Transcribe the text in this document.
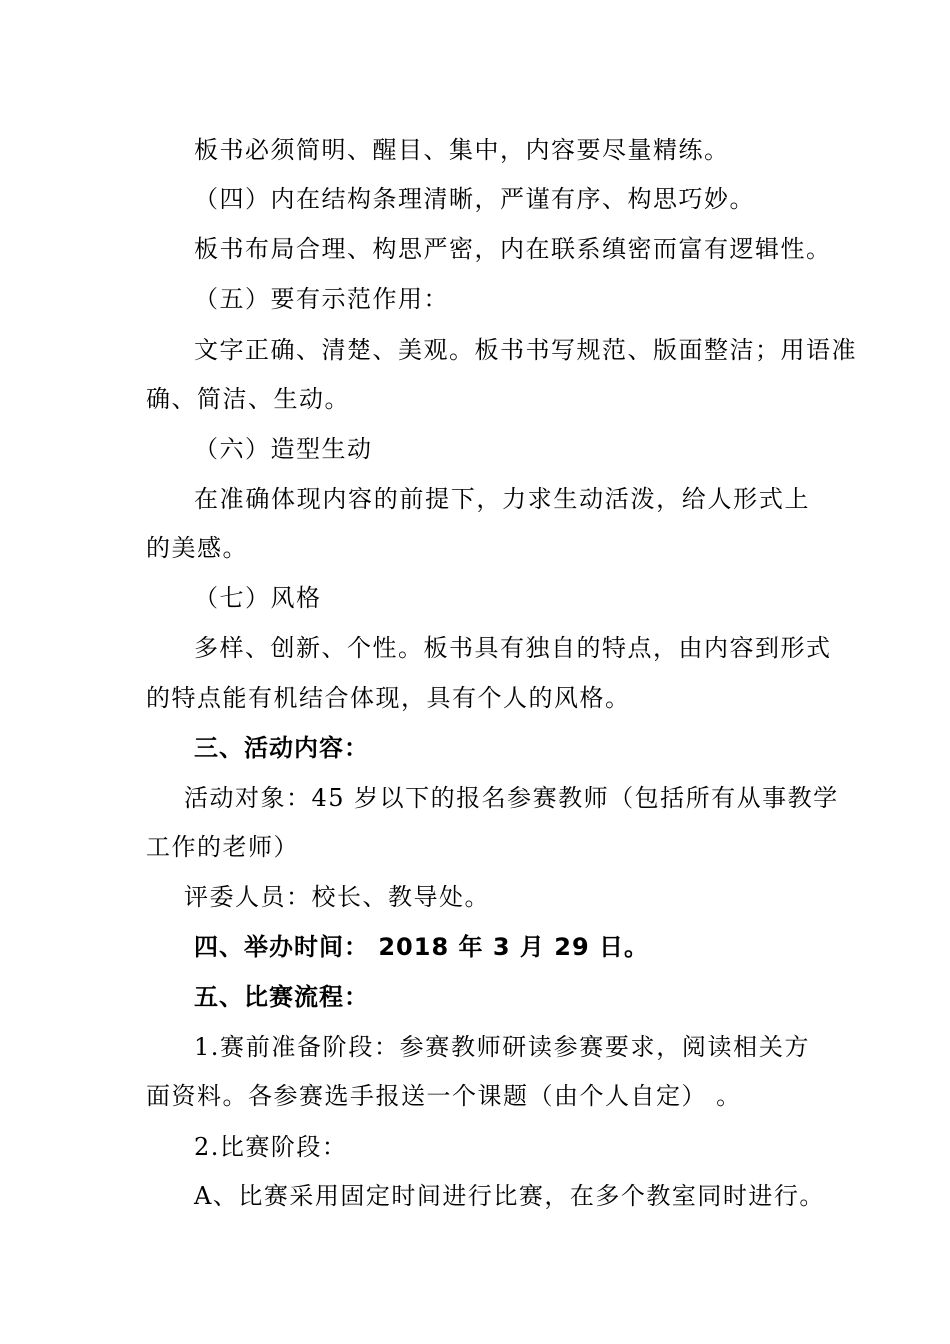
板书必须简明、醒目、集中，内容要尽量精练。
（四）内在结构条理清晰，严谨有序、构思巧妙。
板书布局合理、构思严密，内在联系缜密而富有逻辑性。
（五）要有示范作用：
文字正确、清楚、美观。板书书写规范、版面整洁；用语准
确、简洁、生动。
（六）造型生动
在准确体现内容的前提下，力求生动活泼，给人形式上
的美感。
（七）风格
多样、创新、个性。板书具有独自的特点，由内容到形式
的特点能有机结合体现，具有个人的风格。
三、活动内容：
活动对象：45 岁以下的报名参赛教师（包括所有从事教学
工作的老师）
评委人员：校长、教导处。
四、举办时间： 2018 年 3 月 29 日。
五、比赛流程：
1.赛前准备阶段：参赛教师研读参赛要求，阅读相关方
面资料。各参赛选手报送一个课题（由个人自定） 。
2.比赛阶段：
A、比赛采用固定时间进行比赛，在多个教室同时进行。
